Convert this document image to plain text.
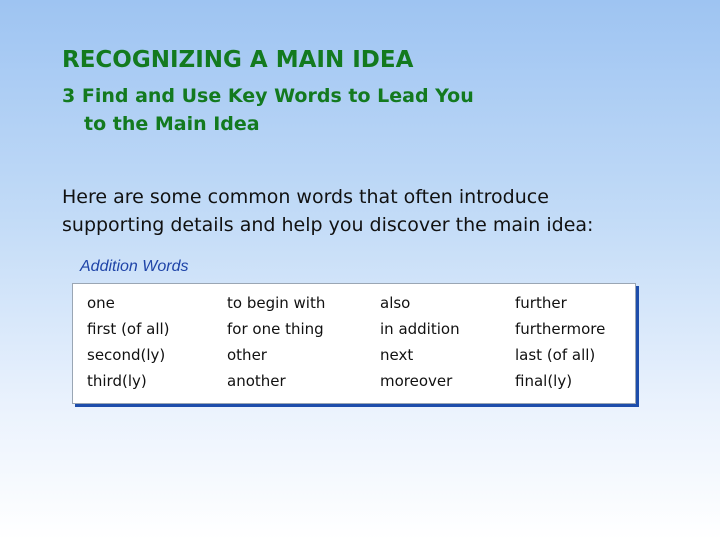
RECOGNIZING A MAIN IDEA
3 Find and Use Key Words to Lead You
to the Main Idea
Here are some common words that often introduce
supporting details and help you discover the main idea:
Addition Words
one
first (of all)
second(ly)
third(ly)
to begin with
for one thing
other
another
also
in addition
next
moreover
further
furthermore
last (of all)
final(ly)
